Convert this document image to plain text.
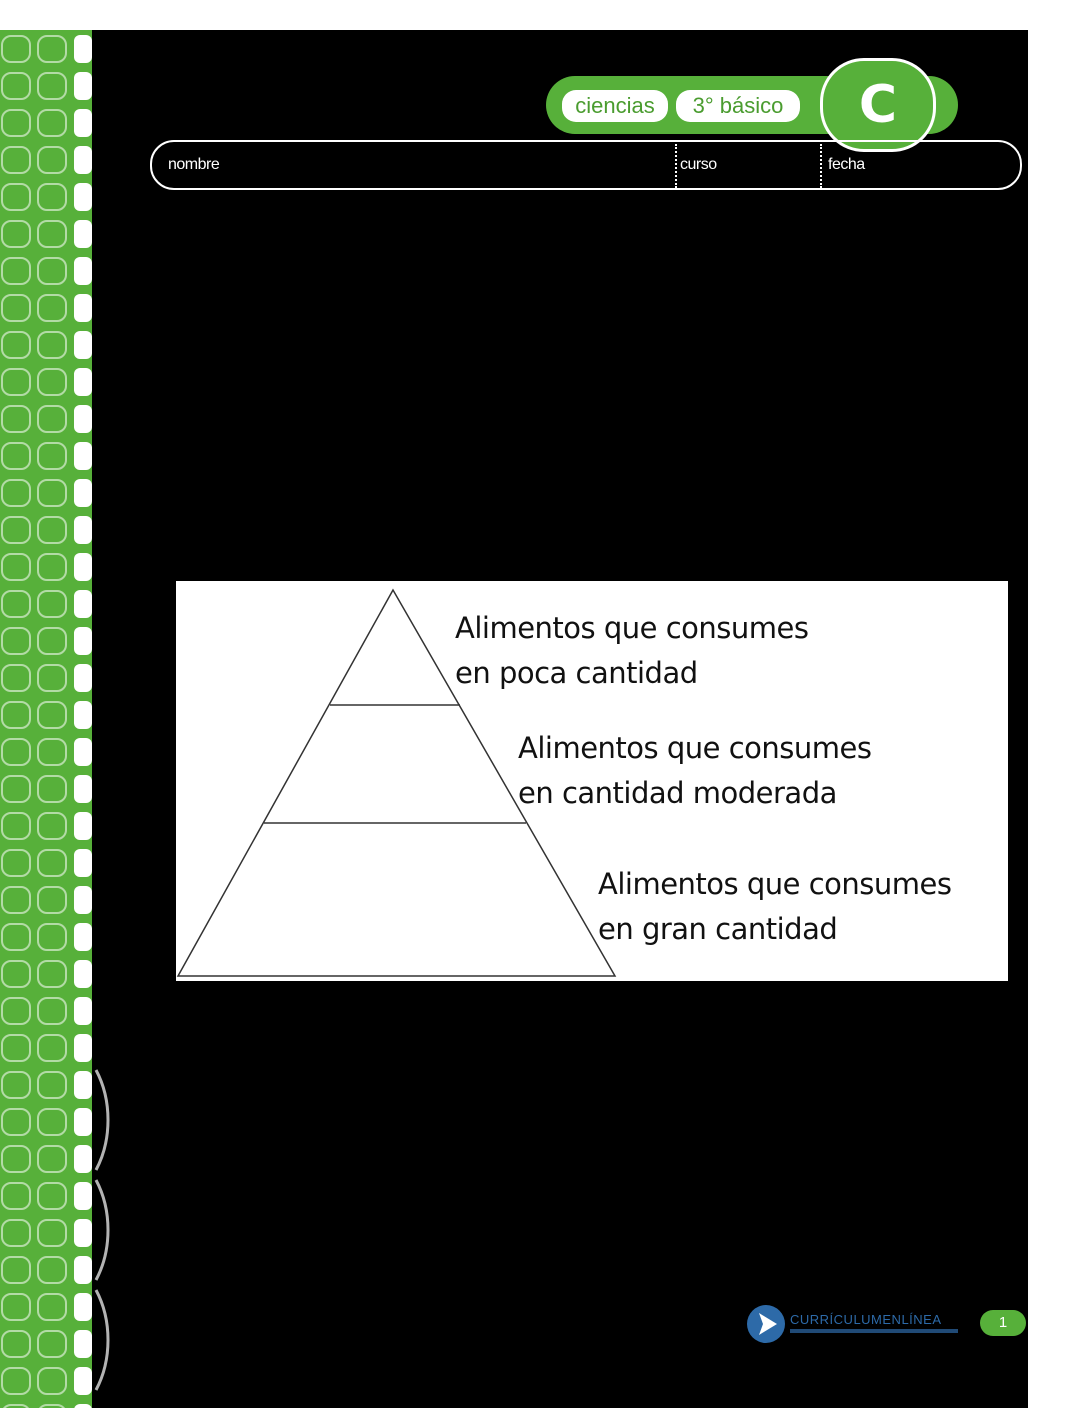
ciencias	3° básico	C
nombre	curso	fecha
Alimentos que consumes
en poca cantidad
Alimentos que consumes
en cantidad moderada
Alimentos que consumes
en gran cantidad
CURRÍCULUMENLÍNEA	1
